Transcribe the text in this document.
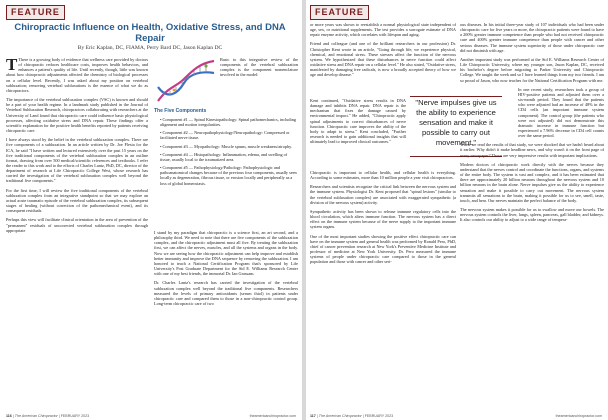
FEATURE
Chiropractic Influence on Health, Oxidative Stress, and DNA Repair
By Eric Kaplan, DC, FIAMA, Perry Bard DC, Jason Kaplan DC

T There is a growing body of evidence that wellness care provided by doctors of chiropractic reduces healthcare costs, improves health behaviors, and enhances a patient's quality of life. Until recently, though, little was known about how chiropractic adjustments affected the chemistry of biological processes on a cellular level. Recently, I was asked about my position on vertebral subluxation; removing vertebral subluxations is the essence of what we do as chiropractors.

The importance of the vertebral subluxation complex (VSC) is known and should be a part of your health regime. In a landmark study published in the Journal of Vertebral Subluxation Research, chiropractors collaborating with researchers at the University of Land found that chiropractic care could influence basic physiological processes, affecting oxidative stress and DNA repair. These findings offer a scientific explanation for the positive health benefits reported by patients receiving chiropractic care.

I have always stood by the belief in the vertebral subluxation complex. There are five components of a subluxation. In an article written by Dr. Joe Flesia for the ICA, he said "I have written and lectured extensively over the past 15 years on the five traditional components of the vertebral subluxation complex in an outline format, drawing from over 500 medical/scientific references and textbooks. I refer the reader to this work and to the efforts of Charles Lantz, PhD, DC, director of the department of research at Life Chiropractic College West, whose research has carried the investigation of the vertebral subluxation complex well beyond the traditional five components."

For the first time, I will review the five traditional components of the vertebral subluxation complex from an integrative standpoint so that we may explore an actual acute traumatic episode of the vertebral subluxation complex, its subsequent stages of healing (without correction of the pathomechanical event), and its consequent residuals.

Perhaps this view will facilitate clinical orientation in the area of prevention of the "permanent" residuals of uncorrected vertebral subluxation complex through appropriate

Basic to this integrative review of the components of the vertebral subluxation complex is the component nomenclature involved in the model:
The Five Components
• Component #1 — Spinal Kinesiopathology: Spinal pathomechanics, including alignment and motion irregularities.
• Component #2 — Neuropathophysiology/Neuropathology: Compressed or facilitated nerve tissue.
• Component #3 — Myopathology: Muscle spasm, muscle weakness/atrophy.
• Component #4 — Histopathology: Inflammation, edema, and swelling of tissue, usually local to the traumatized area.
• Component #5 — Pathophysiology/Pathology: Pathophysiologic and pathoanatomical changes because of the previous four components, usually seen locally as degeneration, fibrous tissue, or erosion locally and peripherally as a loss of global homeostasis.

I stand by my paradigm that chiropractic is a science first, an art second, and a philosophy third. We need to note that there are five components of the subluxation complex, and the chiropractic adjustment must all five. By treating the subluxation first, we can affect the nerves, muscles, and all the systems and organs in the body. Now we are seeing how the chiropractic adjustment can help improve and establish better immunity and improve the DNA sequence by removing the subluxation. I am honored to teach a National Certification Program that's sponsored by Life University's Post Graduate Department for the Sid E. Williams Research Center with one of my best friends, the immortal Dr. Ian Grassam.

Dr. Charles Lantz's research has carried the investigation of the vertebral subluxation complex well beyond the traditional five components. Researchers measured the levels of primary antioxidants (serum thiol) in patients under chiropractic care and compared them to those in a non-chiropractic control group. Long-term chiropractic care of two

116 | The American Chiropractor | FEBRUARY 2023	theamericanchiropractor.com
FEATURE

or more years was shown to reestablish a normal physiological state independent of age, sex, or nutritional supplements. The test provides a surrogate estimate of DNA repair enzyme activity, which correlates with lifespan and aging.

Friend and colleague (and one of the brilliant researchers in our profession) Dr. Christopher Kent wrote in an article, "Going through life, we experience physical, chemical, and emotional stress. These stresses affect the function of the nervous system. We hypothesized that these disturbances in nerve function could affect oxidative stress and DNA repair on a cellular level." He also stated, "Oxidative stress, manifested by damaging free radicals, is now a broadly accepted theory of how we age and develop disease."

Kent continued, "Oxidative stress results in DNA damage and inhibits DNA repair. DNA repair is the mechanism that fixes the damage caused by environmental impact." He added, "Chiropractic apply spinal adjustments to correct disturbances of nerve function. Chiropractic care improves the ability of the body to adapt to stress." Kent concluded, "Further research is needed to gain additional insights that will ultimately lead to improved clinical outcomes."

"Nerve impulses give us the ability to experience sensation and make it possible to carry out movement."

Chiropractic is important to cellular health, and cellular health is everything. According to some estimates, more than 10 million people a year visit chiropractors.

Researchers and scientists recognize the critical link between the nervous system and the immune system. Physiologist Dr. Kent proposed that "spinal lesions" (similar to the vertebral subluxation complex) are associated with exaggerated sympathetic (a division of the nervous system) activity.

Sympathetic activity has been shown to release immune regulatory cells into the blood circulation, which alters immune function. The nervous system has a direct effect on the immune system because of the nerve supply to the important immune system organs.

One of the most important studies showing the positive effect chiropractic care can have on the immune system and general health was performed by Ronald Pero, PhD, chief of cancer prevention research at New York's Preventive Medicine Institute and professor of medicine at New York University. Dr. Pero measured the immune systems of people under chiropractic care compared to those in the general population and those with cancer and other seri-

ous diseases. In his initial three-year study of 107 individuals who had been under chiropractic care for five years or more, the chiropractic patients were found to have a 200% greater immune competence than people who had not received chiropractic care and 400% greater immune competence than people with cancer and other serious diseases. The immune system superiority of those under chiropractic care did not diminish with age.

Another important study was performed at the Sid E. Williams Research Center of Life Chiropractic University, where my younger son, Jason Kaplan, DC, received his bachelor's degree before migrating to Parker University and Chiropractic College. We taught the week and so I have learned things from my two friends. I am so proud of Jason, who now teaches for the National Certification Program with me.

In one recent study, researchers took a group of HIV-positive patients and adjusted them over a six-month period. They found that the patients who were adjusted had an increase of 48% in the CD4 cells (an important immune system component). The control group (the patients who were not adjusted) did not demonstrate this dramatic increase in immune function but experienced a 7.96% decrease in CD4 cell counts over the same period.

When we read the results of that study, we were shocked that we hadn't heard about it earlier. Why didn't it make headline news, and why wasn't it on the front page of every newspaper? Those are very impressive results with important implications.

Modern doctors of chiropractic work directly with the nerves because they understand that the nerves control and coordinate the functions, organs, and systems of the entire body. The system is vast and complex, and it has been estimated that there are approximately 20 billion neurons throughout the nervous system and 10 billion neurons in the brain alone. Nerve impulses give us the ability to experience sensation and make it possible to carry out movement. The nervous system transmits all sensations to the brain, making it possible for us to see, smell, taste, touch, and hear. Our nerves maintain the perfect balance of the body.

The nervous system makes it possible for us to swallow and move our bowels. The nervous system controls the liver, lungs, spleen, pancreas, gall bladder, and kidneys. It also controls our ability to adjust to a wide range of tempera-

117 | The American Chiropractor | FEBRUARY 2023	theamericanchiropractor.com
